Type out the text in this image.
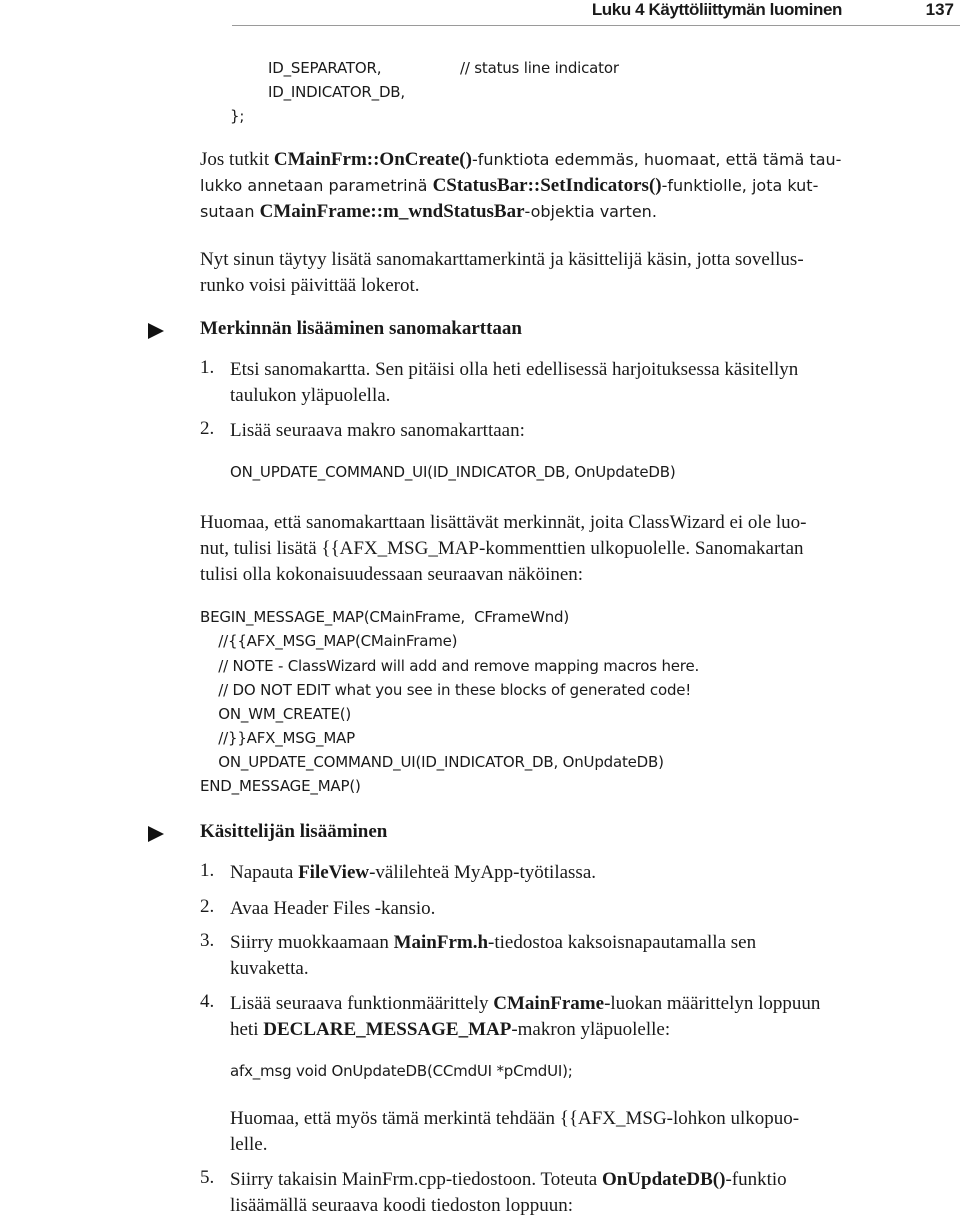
Luku 4 Käyttöliittymän luominen	137
ID_SEPARATOR,	// status line indicator
ID_INDICATOR_DB,
};
Jos tutkit CMainFrm::OnCreate()-funktiota edemmäs, huomaat, että tämä tau-
lukko annetaan parametrinä CStatusBar::SetIndicators()-funktiolle, jota kut-
sutaan CMainFrame::m_wndStatusBar-objektia varten.
Nyt sinun täytyy lisätä sanomakarttamerkintä ja käsittelijä käsin, jotta sovellus-
runko voisi päivittää lokerot.
Merkinnän lisääminen sanomakarttaan
1. Etsi sanomakartta. Sen pitäisi olla heti edellisessä harjoituksessa käsitellyn
taulukon yläpuolella.
2. Lisää seuraava makro sanomakarttaan:
ON_UPDATE_COMMAND_UI(ID_INDICATOR_DB, OnUpdateDB)
Huomaa, että sanomakarttaan lisättävät merkinnät, joita ClassWizard ei ole luo-
nut, tulisi lisätä {{AFX_MSG_MAP-kommenttien ulkopuolelle. Sanomakartan
tulisi olla kokonaisuudessaan seuraavan näköinen:
BEGIN_MESSAGE_MAP(CMainFrame,  CFrameWnd)
//{{AFX_MSG_MAP(CMainFrame)
// NOTE - ClassWizard will add and remove mapping macros here.
// DO NOT EDIT what you see in these blocks of generated code!
ON_WM_CREATE()
//}}AFX_MSG_MAP
ON_UPDATE_COMMAND_UI(ID_INDICATOR_DB, OnUpdateDB)
END_MESSAGE_MAP()
Käsittelijän lisääminen
1. Napauta FileView-välilehteä MyApp-työtilassa.
2. Avaa Header Files -kansio.
3. Siirry muokkaamaan MainFrm.h-tiedostoa kaksoisnapautamalla sen
kuvaketta.
4. Lisää seuraava funktionmäärittely CMainFrame-luokan määrittelyn loppuun
heti DECLARE_MESSAGE_MAP-makron yläpuolelle:
afx_msg void OnUpdateDB(CCmdUI *pCmdUI);
Huomaa, että myös tämä merkintä tehdään {{AFX_MSG-lohkon ulkopuo-
lelle.
5. Siirry takaisin MainFrm.cpp-tiedostoon. Toteuta OnUpdateDB()-funktio
lisäämällä seuraava koodi tiedoston loppuun:
